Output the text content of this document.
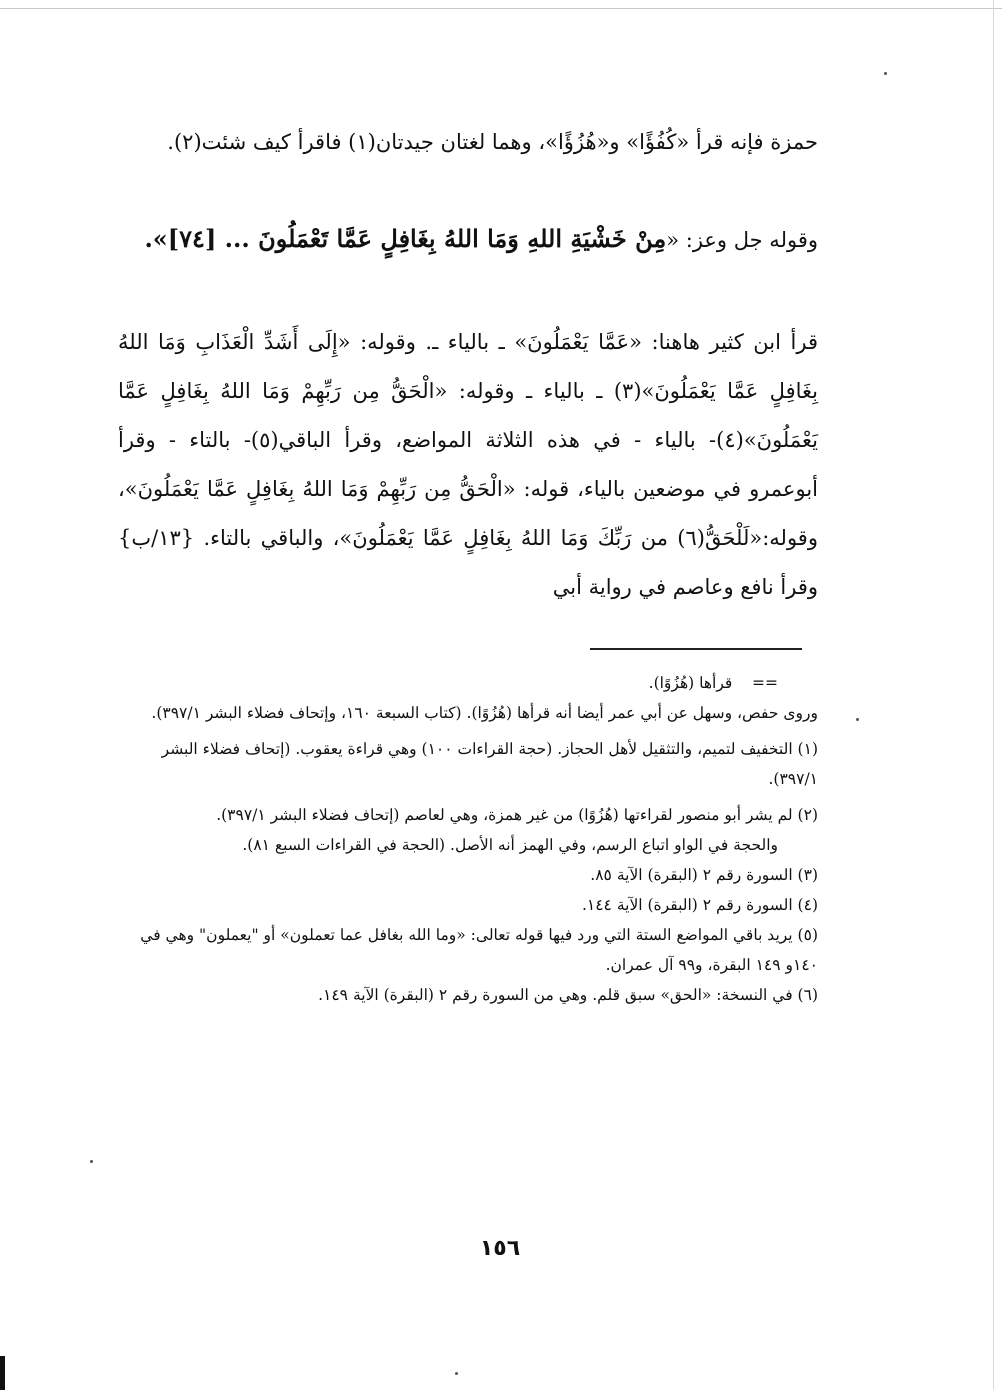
حمزة فإنه قرأ «كُفُؤًا» و«هُزُؤًا»، وهما لغتان جيدتان(١) فاقرأ كيف شئت(٢).

وقوله جل وعز: «مِنْ خَشْيَةِ اللهِ وَمَا اللهُ بِغَافِلٍ عَمَّا تَعْمَلُونَ ... [٧٤]».

قرأ ابن كثير هاهنا: «عَمَّا يَعْمَلُونَ» ـ بالياء ـ. وقوله: «إِلَى أَشَدِّ الْعَذَابِ وَمَا اللهُ بِغَافِلٍ عَمَّا يَعْمَلُونَ»(٣) ـ بالياء ـ وقوله: «الْحَقُّ مِن رَبِّهِمْ وَمَا اللهُ بِغَافِلٍ عَمَّا يَعْمَلُونَ»(٤)- بالياء - في هذه الثلاثة المواضع، وقرأ الباقي(٥)- بالتاء - وقرأ أبوعمرو في موضعين بالياء، قوله: «الْحَقُّ مِن رَبِّهِمْ وَمَا اللهُ بِغَافِلٍ عَمَّا يَعْمَلُونَ»، وقوله:«لَلْحَقُّ(٦) من رَبِّكَ وَمَا اللهُ بِغَافِلٍ عَمَّا يَعْمَلُونَ»، والباقي بالتاء. {١٣/ب} وقرأ نافع وعاصم في رواية أبي

==    قرأها (هُزُوًا).

وروى حفص، وسهل عن أبي عمر أيضا أنه قرأها (هُزُوًا). (كتاب السبعة ١٦٠، وإتحاف فضلاء البشر ٣٩٧/١).

(١) التخفيف لتميم، والتثقيل لأهل الحجاز. (حجة القراءات ١٠٠) وهي قراءة يعقوب. (إتحاف فضلاء البشر ٣٩٧/١).

(٢) لم يشر أبو منصور لقراءتها (هُزُوًا) من غير همزة، وهي لعاصم (إتحاف فضلاء البشر ٣٩٧/١).

والحجة في الواو اتباع الرسم، وفي الهمز أنه الأصل. (الحجة في القراءات السبع ٨١).

(٣) السورة رقم ٢ (البقرة) الآية ٨٥.

(٤) السورة رقم ٢ (البقرة) الآية ١٤٤.

(٥) يريد باقي المواضع الستة التي ورد فيها قوله تعالى: «وما الله بغافل عما تعملون» أو "يعملون" وهي في ١٤٠و ١٤٩ البقرة، و٩٩ آل عمران.

(٦) في النسخة: «الحق» سبق قلم. وهي من السورة رقم ٢ (البقرة) الآية ١٤٩.

١٥٦
